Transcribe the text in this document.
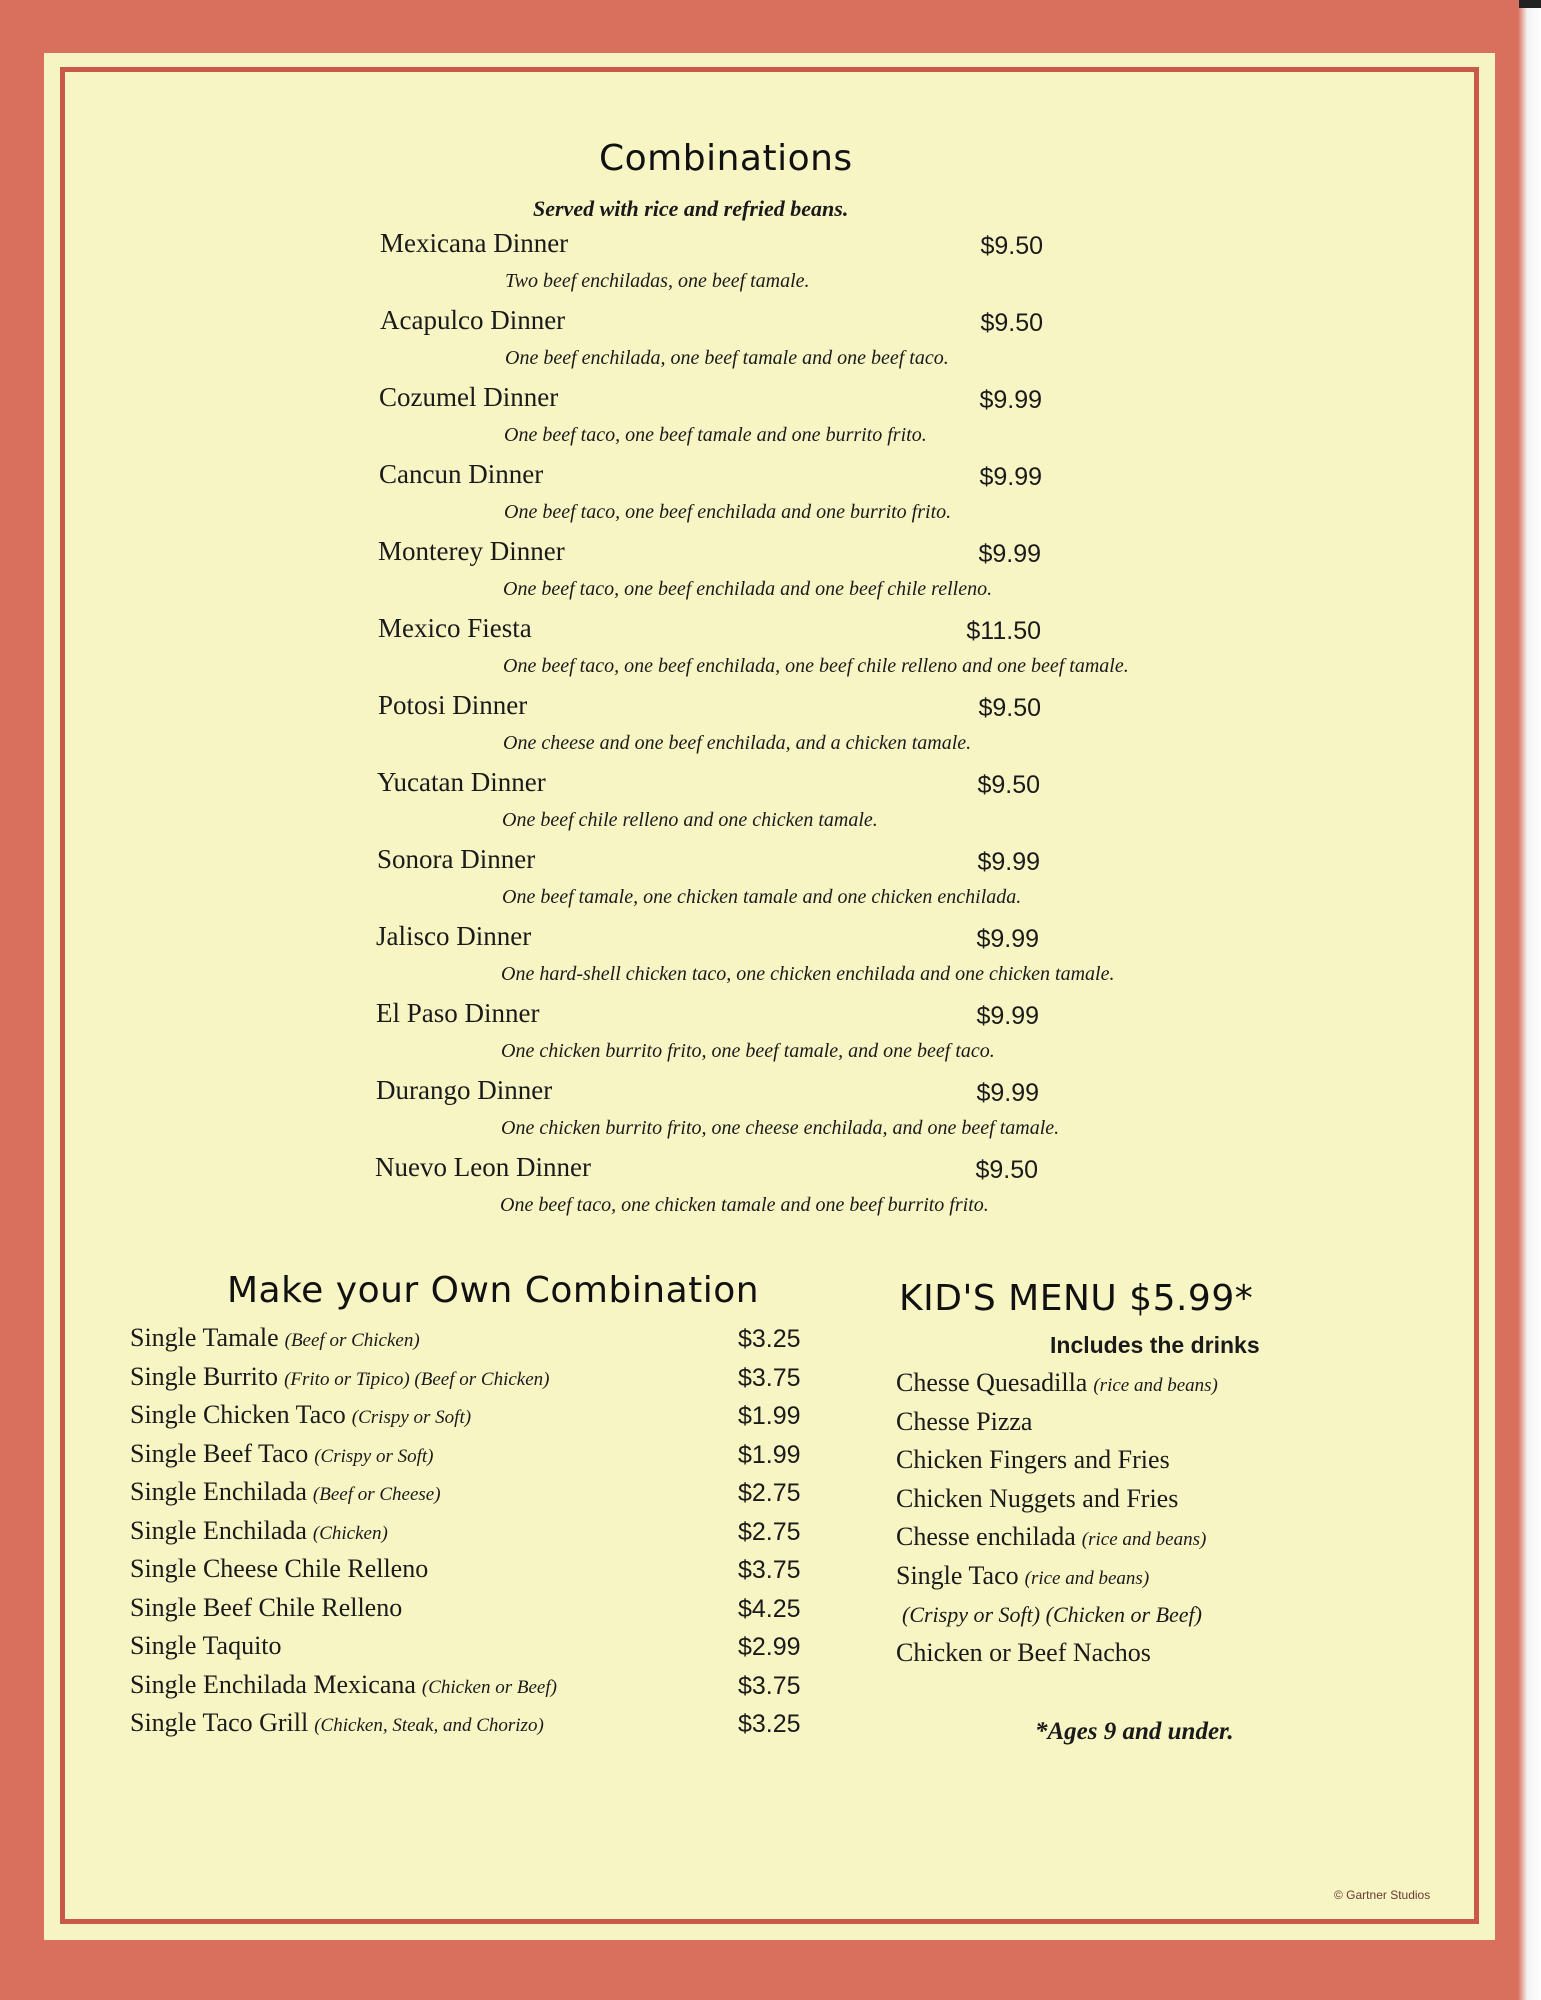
Combinations
Served with rice and refried beans.
Mexicana Dinner	$9.50
Two beef enchiladas, one beef tamale.
Acapulco Dinner	$9.50
One beef enchilada, one beef tamale and one beef taco.
Cozumel Dinner	$9.99
One beef taco, one beef tamale and one burrito frito.
Cancun Dinner	$9.99
One beef taco, one beef enchilada and one burrito frito.
Monterey Dinner	$9.99
One beef taco, one beef enchilada and one beef chile relleno.
Mexico Fiesta	$11.50
One beef taco, one beef enchilada, one beef chile relleno and one beef tamale.
Potosi Dinner	$9.50
One cheese and one beef enchilada, and a chicken tamale.
Yucatan Dinner	$9.50
One beef chile relleno and one chicken tamale.
Sonora Dinner	$9.99
One beef tamale, one chicken tamale and one chicken enchilada.
Jalisco Dinner	$9.99
One hard-shell chicken taco, one chicken enchilada and one chicken tamale.
El Paso Dinner	$9.99
One chicken burrito frito, one beef tamale, and one beef taco.
Durango Dinner	$9.99
One chicken burrito frito, one cheese enchilada, and one beef tamale.
Nuevo Leon Dinner	$9.50
One beef taco, one chicken tamale and one beef burrito frito.
Make your Own Combination
Single Tamale (Beef or Chicken)	$3.25
Single Burrito (Frito or Tipico) (Beef or Chicken)	$3.75
Single Chicken Taco (Crispy or Soft)	$1.99
Single Beef Taco (Crispy or Soft)	$1.99
Single Enchilada (Beef or Cheese)	$2.75
Single Enchilada (Chicken)	$2.75
Single Cheese Chile Relleno	$3.75
Single Beef Chile Relleno	$4.25
Single Taquito	$2.99
Single Enchilada Mexicana (Chicken or Beef)	$3.75
Single Taco Grill (Chicken, Steak, and Chorizo)	$3.25
KID'S MENU $5.99*
Includes the drinks
Chesse Quesadilla (rice and beans)
Chesse Pizza
Chicken Fingers and Fries
Chicken Nuggets and Fries
Chesse enchilada (rice and beans)
Single Taco (rice and beans)
(Crispy or Soft) (Chicken or Beef)
Chicken or Beef Nachos
*Ages 9 and under.
© Gartner Studios
